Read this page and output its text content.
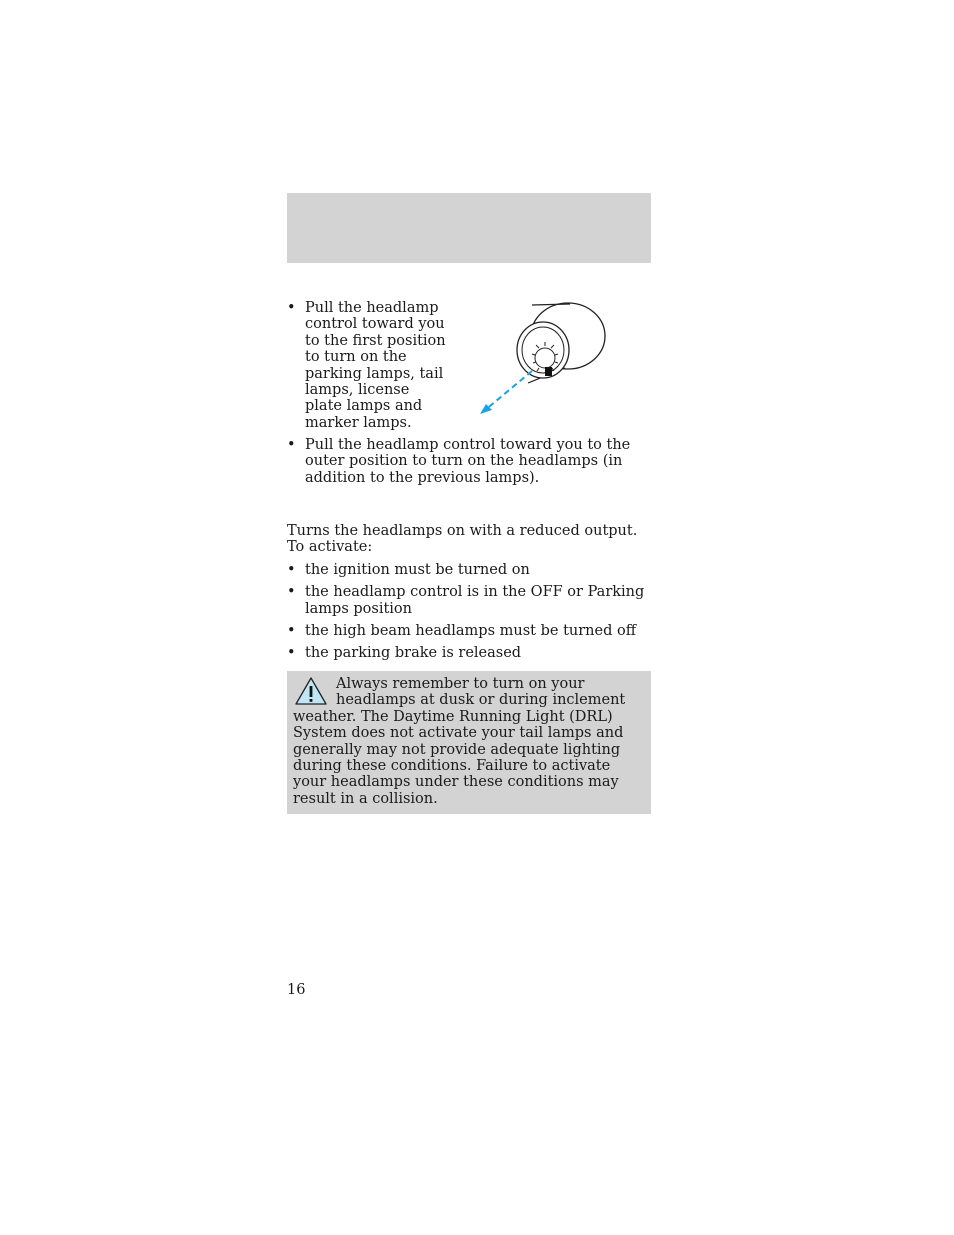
• Pull the headlamp control toward you to the first position to turn on the parking lamps, tail lamps, license plate lamps and marker lamps.
• Pull the headlamp control toward you to the outer position to turn on the headlamps (in addition to the previous lamps).
Turns the headlamps on with a reduced output. To activate:
• the ignition must be turned on
• the headlamp control is in the OFF or Parking lamps position
• the high beam headlamps must be turned off
• the parking brake is released
Always remember to turn on your headlamps at dusk or during inclement weather. The Daytime Running Light (DRL) System does not activate your tail lamps and generally may not provide adequate lighting during these conditions. Failure to activate your headlamps under these conditions may result in a collision.
16
